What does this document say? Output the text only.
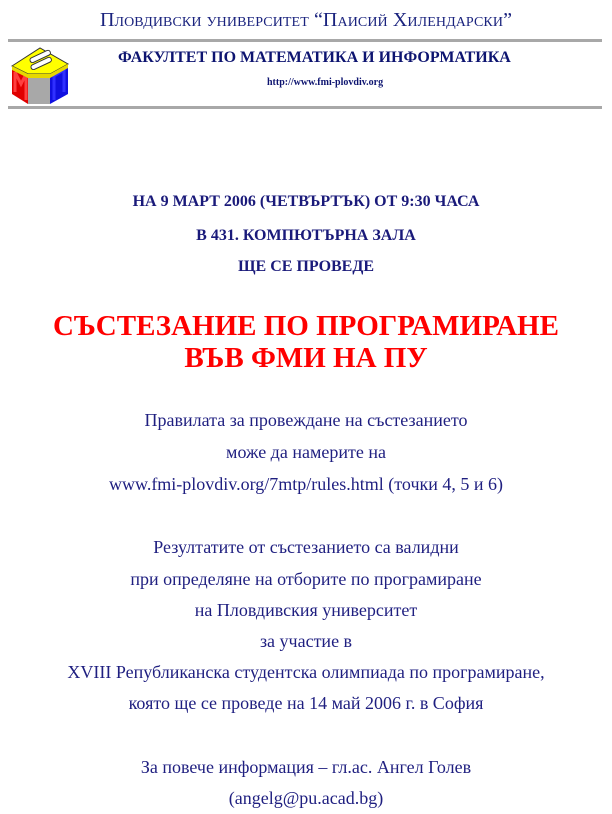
Пловдивски университет “Паисий Хилендарски”
ФАКУЛТЕТ ПО МАТЕМАТИКА И ИНФОРМАТИКА
http://www.fmi-plovdiv.org
НА 9 МАРТ 2006 (ЧЕТВЪРТЪК) ОТ 9:30 ЧАСА
В 431. КОМПЮТЪРНА ЗАЛА
ЩЕ СЕ ПРОВЕДЕ
СЪСТЕЗАНИЕ ПО ПРОГРАМИРАНЕ
ВЪВ ФМИ НА ПУ
Правилата за провеждане на състезанието
може да намерите на
www.fmi-plovdiv.org/7mtp/rules.html (точки 4, 5 и 6)
Резултатите от състезанието са валидни
при определяне на отборите по програмиране
на Пловдивския университет
за участие в
XVIII Републиканска студентска олимпиада по програмиране,
която ще се проведе на 14 май 2006 г. в София
За повече информация – гл.ас. Ангел Голев
(angelg@pu.acad.bg)
